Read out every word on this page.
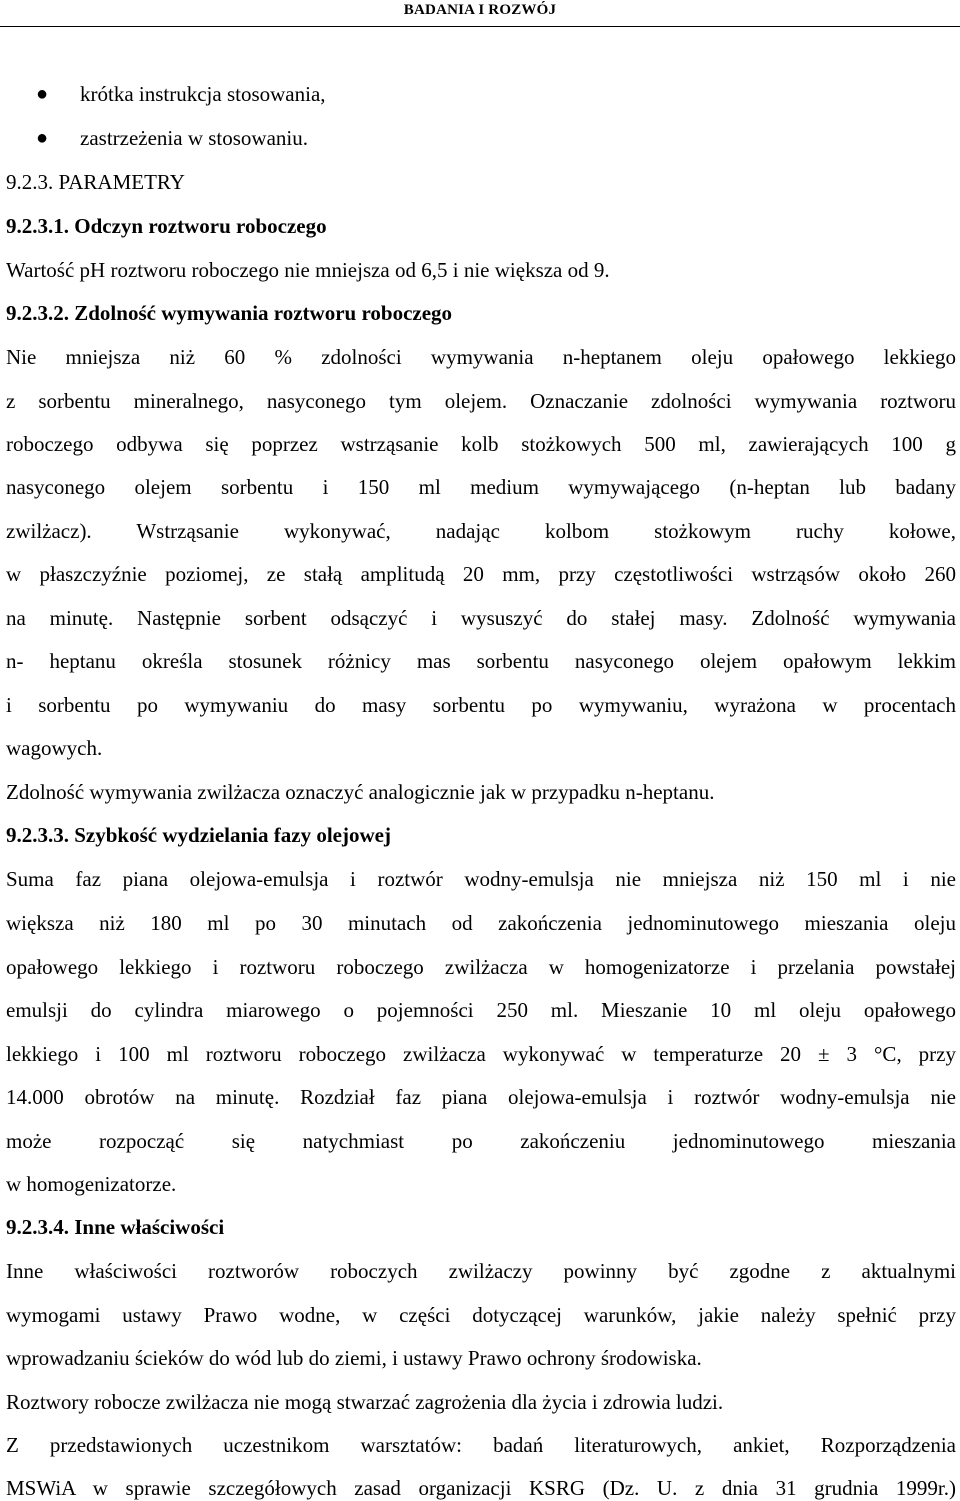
BADANIA I ROZWÓJ
● krótka instrukcja stosowania,
● zastrzeżenia w stosowaniu.
9.2.3. PARAMETRY
9.2.3.1. Odczyn roztworu roboczego
Wartość pH roztworu roboczego nie mniejsza od 6,5 i nie większa od 9.
9.2.3.2. Zdolność wymywania roztworu roboczego
Nie mniejsza niż 60 % zdolności wymywania n-heptanem oleju opałowego lekkiego
z sorbentu mineralnego, nasyconego tym olejem. Oznaczanie zdolności wymywania roztworu
roboczego odbywa się poprzez wstrząsanie kolb stożkowych 500 ml, zawierających 100 g
nasyconego olejem sorbentu i 150 ml medium wymywającego (n-heptan lub badany
zwilżacz). Wstrząsanie wykonywać, nadając kolbom stożkowym ruchy kołowe,
w płaszczyźnie poziomej, ze stałą amplitudą 20 mm, przy częstotliwości wstrząsów około 260
na minutę. Następnie sorbent odsączyć i wysuszyć do stałej masy. Zdolność wymywania
n- heptanu określa stosunek różnicy mas sorbentu nasyconego olejem opałowym lekkim
i sorbentu po wymywaniu do masy sorbentu po wymywaniu, wyrażona w procentach
wagowych.
Zdolność wymywania zwilżacza oznaczyć analogicznie jak w przypadku n-heptanu.
9.2.3.3. Szybkość wydzielania fazy olejowej
Suma faz piana olejowa-emulsja i roztwór wodny-emulsja nie mniejsza niż 150 ml i nie
większa niż 180 ml po 30 minutach od zakończenia jednominutowego mieszania oleju
opałowego lekkiego i roztworu roboczego zwilżacza w homogenizatorze i przelania powstałej
emulsji do cylindra miarowego o pojemności 250 ml. Mieszanie 10 ml oleju opałowego
lekkiego i 100 ml roztworu roboczego zwilżacza wykonywać w temperaturze 20 ± 3 °C, przy
14.000 obrotów na minutę. Rozdział faz piana olejowa-emulsja i roztwór wodny-emulsja nie
może rozpocząć się natychmiast po zakończeniu jednominutowego mieszania
w homogenizatorze.
9.2.3.4. Inne właściwości
Inne właściwości roztworów roboczych zwilżaczy powinny być zgodne z aktualnymi
wymogami ustawy Prawo wodne, w części dotyczącej warunków, jakie należy spełnić przy
wprowadzaniu ścieków do wód lub do ziemi, i ustawy Prawo ochrony środowiska.
Roztwory robocze zwilżacza nie mogą stwarzać zagrożenia dla życia i zdrowia ludzi.
Z przedstawionych uczestnikom warsztatów: badań literaturowych, ankiet, Rozporządzenia
MSWiA w sprawie szczegółowych zasad organizacji KSRG (Dz. U. z dnia 31 grudnia 1999r.)
